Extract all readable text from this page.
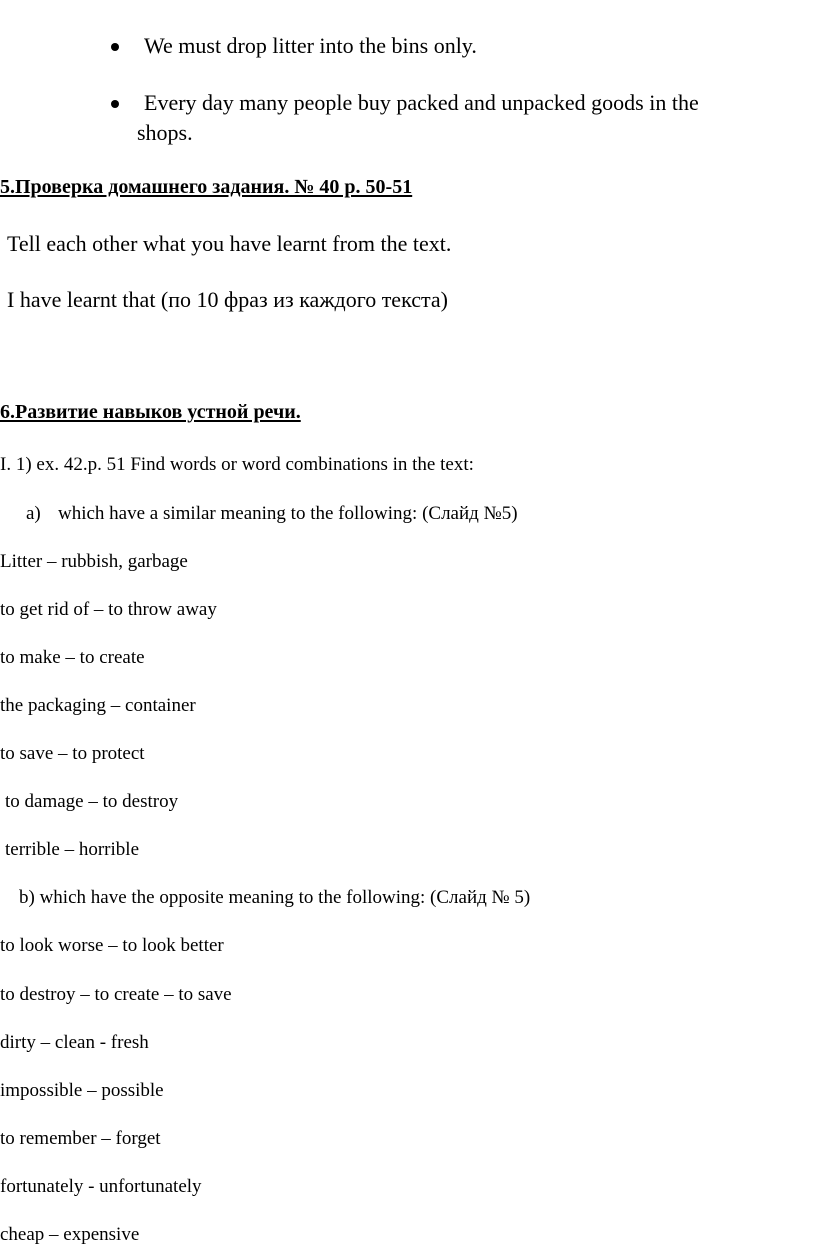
We must drop litter into the bins only.
Every day many people buy packed and unpacked goods in the
shops.
5.Проверка домашнего задания. № 40 р. 50-51
Tell each other what you have learnt from the text.
I have learnt that (по 10 фраз из каждого текста)
6.Развитие навыков устной речи.
I. 1) ex. 42.p. 51 Find words or word combinations in the text:
a) which have a similar meaning to the following: (Слайд №5)
Litter – rubbish, garbage
to get rid of – to throw away
to make – to create
the packaging – container
to save – to protect
to damage – to destroy
terrible – horrible
b) which have the opposite meaning to the following: (Слайд № 5)
to look worse – to look better
to destroy – to create – to save
dirty – clean - fresh
impossible – possible
to remember – forget
fortunately - unfortunately
cheap – expensive
